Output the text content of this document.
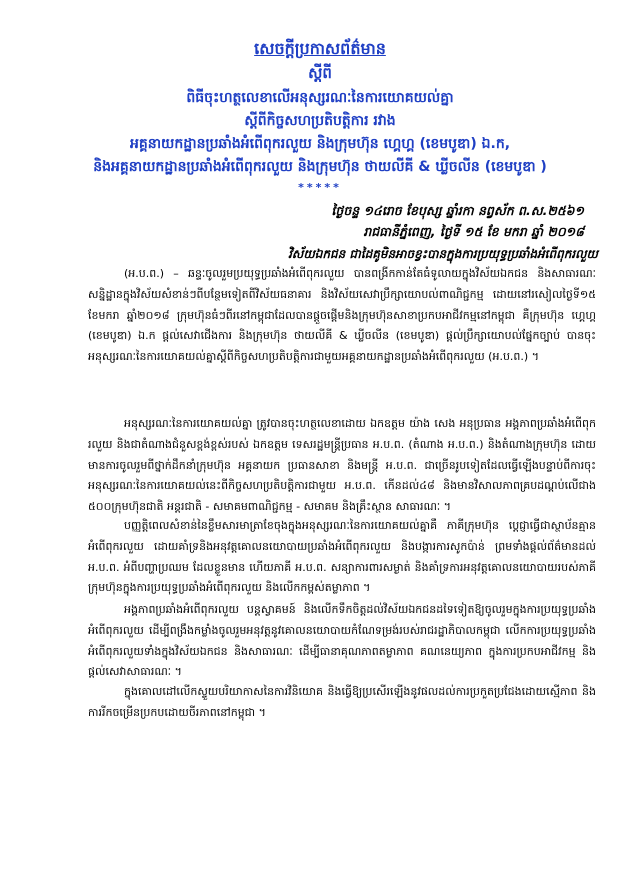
សេចក្តីប្រកាសព័ត៌មាន
ស្តីពី
ពិធីចុះហត្ថលេខាលើអនុស្សរណៈនៃការយោគយល់គ្នា
ស្តីពីកិច្ចសហប្រតិបត្តិការ រវាង
អគ្គនាយកដ្ឋានប្រឆាំងអំពើពុករលួយ និងក្រុមហ៊ុន ហ្គេហ្គ (ខេមបូឌា) ឯ.ក,
និងអគ្គនាយកដ្ឋានប្រឆាំងអំពើពុករលួយ និងក្រុមហ៊ុន ថាយលីគី & ឃ្លីចលីន (ខេមបូឌា )
*****
ថ្ងៃចន្ទ ១៤រោច ខែបុស្ស ឆ្នាំរកា នព្វស័ក ព.ស.២៥៦១
រាជធានីភ្នំពេញ, ថ្ងៃទី ១៥ ខែ មករា ឆ្នាំ ២០១៨
វិស័យឯកជន ជាដៃគូមិនអាចខ្វះបានក្នុងការប្រយុទ្ធប្រឆាំងអំពើពុករលួយ

(អ.ប.ព.) – ឆន្ទៈចូលរួមប្រយុទ្ធប្រឆាំងអំពើពុករលួយ បានពង្រីកកាន់តែធំទូលាយក្នុងវិស័យឯកជន និងសាធារណៈ សន្និដ្ឋានក្នុងវិស័យសំខាន់ៗពីបន្ថែមទៀតពីវិស័យធនាគារ និងវិស័យសេវាប្រឹក្សាយោបល់ពាណិជ្ជកម្ម ដោយនៅរសៀលថ្ងៃទី១៥ ខែមករា ឆ្នាំ២០១៨ ក្រុមហ៊ុនធំៗពីរនៅកម្ពុជាដែលបានផ្តួចផ្តើមនិងក្រុមហ៊ុនសាខាប្រកបអាជីវកម្មនៅកម្ពុជា គឺក្រុមហ៊ុន ហ្គេហ្គ (ខេមបូឌា) ឯ.ក ផ្តល់សេវាជើងការ និងក្រុមហ៊ុន ថាយលីគី & ឃ្លីចលីន (ខេមបូឌា) ផ្តល់ប្រឹក្សាយោបល់ផ្នែកច្បាប់ បានចុះអនុស្សរណៈនៃការយោគយល់គ្នាស្តីពីកិច្ចសហប្រតិបត្តិការជាមួយអគ្គនាយកដ្ឋានប្រឆាំងអំពើពុករលួយ (អ.ប.ព.) ។

អនុស្សរណៈនៃការយោគយល់គ្នា ត្រូវបានចុះហត្ថលេខាដោយ ឯកឧត្តម យ៉ាង សេង អនុប្រធាន អង្គភាពប្រឆាំងអំពើពុករលួយ និងជាតំណាងជំនួសខ្ពង់ខ្ពស់របស់ ឯកឧត្តម ទេសរដ្ឋមន្ត្រីប្រធាន អ.ប.ព. (តំណាង អ.ប.ព.) និងតំណាងក្រុមហ៊ុន ដោយមានការចូលរួមពីថ្នាក់ដឹកនាំក្រុមហ៊ុន អគ្គនាយក ប្រធានសាខា និងមន្ត្រី អ.ប.ព. ជាច្រើនរូបទៀតដែលធ្វើឡើងបន្ទាប់ពីការចុះអនុស្សរណៈនៃការយោគយល់នេះពីកិច្ចសហប្រតិបត្តិការជាមួយ អ.ប.ព. កើនដល់៤៨ និងមានវិសាលភាពគ្របដណ្តប់លើជាង ៥០០ក្រុមហ៊ុនជាតិ អន្តរជាតិ - សមាគមពាណិជ្ជកម្ម - សមាគម និងគ្រឹះស្ថាន សាធារណៈ ។

បញ្ញត្តិពេលសំខាន់នៃខ្លឹមសារមាត្រាខែចុងក្នុងអនុស្សរណៈនៃការយោគយល់គ្នាគឺ ភាគីក្រុមហ៊ុន ប្តេជ្ញាធ្វើជាស្ថាប័នគ្មានអំពើពុករលួយ ដោយគាំទ្រនិងអនុវត្តគោលនយោបាយប្រឆាំងអំពើពុករលួយ និងបង្ការការសូកប៉ាន់ ព្រមទាំងផ្តល់ព័ត៌មានដល់ អ.ប.ព. អំពីបញ្ហាប្រឈម ដែលខ្លួនមាន ហើយភាគី អ.ប.ព. សន្យាការពារសម្ងាត់ និងគាំទ្រការអនុវត្តគោលនយោបាយរបស់ភាគីក្រុមហ៊ុនក្នុងការប្រយុទ្ធប្រឆាំងអំពើពុករលួយ និងលើកកម្ពស់តម្លាភាព ។

អង្គភាពប្រឆាំងអំពើពុករលួយ បន្តស្វាគមន៍ និងលើកទឹកចិត្តដល់វិស័យឯកជនដទៃទៀតឱ្យចូលរួមក្នុងការប្រយុទ្ធប្រឆាំងអំពើពុករលួយ ដើម្បីពង្រឹងកម្លាំងចូលរួមអនុវត្តនូវគោលនយោបាយកំណែទម្រង់របស់រាជរដ្ឋាភិបាលកម្ពុជា លើកការប្រយុទ្ធប្រឆាំងអំពើពុករលួយទាំងក្នុងវិស័យឯកជន និងសាធារណៈ ដើម្បីធានាគុណភាពតម្លាភាព គណនេយ្យភាព ក្នុងការប្រកបអាជីវកម្ម និងផ្តល់សេវាសាធារណៈ ។

ក្នុងគោលដៅលើកស្ទួយបរិយាកាសនៃការវិនិយោគ និងធ្វើឱ្យប្រសើរឡើងនូវផលដល់ការប្រកួតប្រជែងដោយស្មើភាព និងការរីកចម្រើនប្រកបដោយចីរភាពនៅកម្ពុជា ។
